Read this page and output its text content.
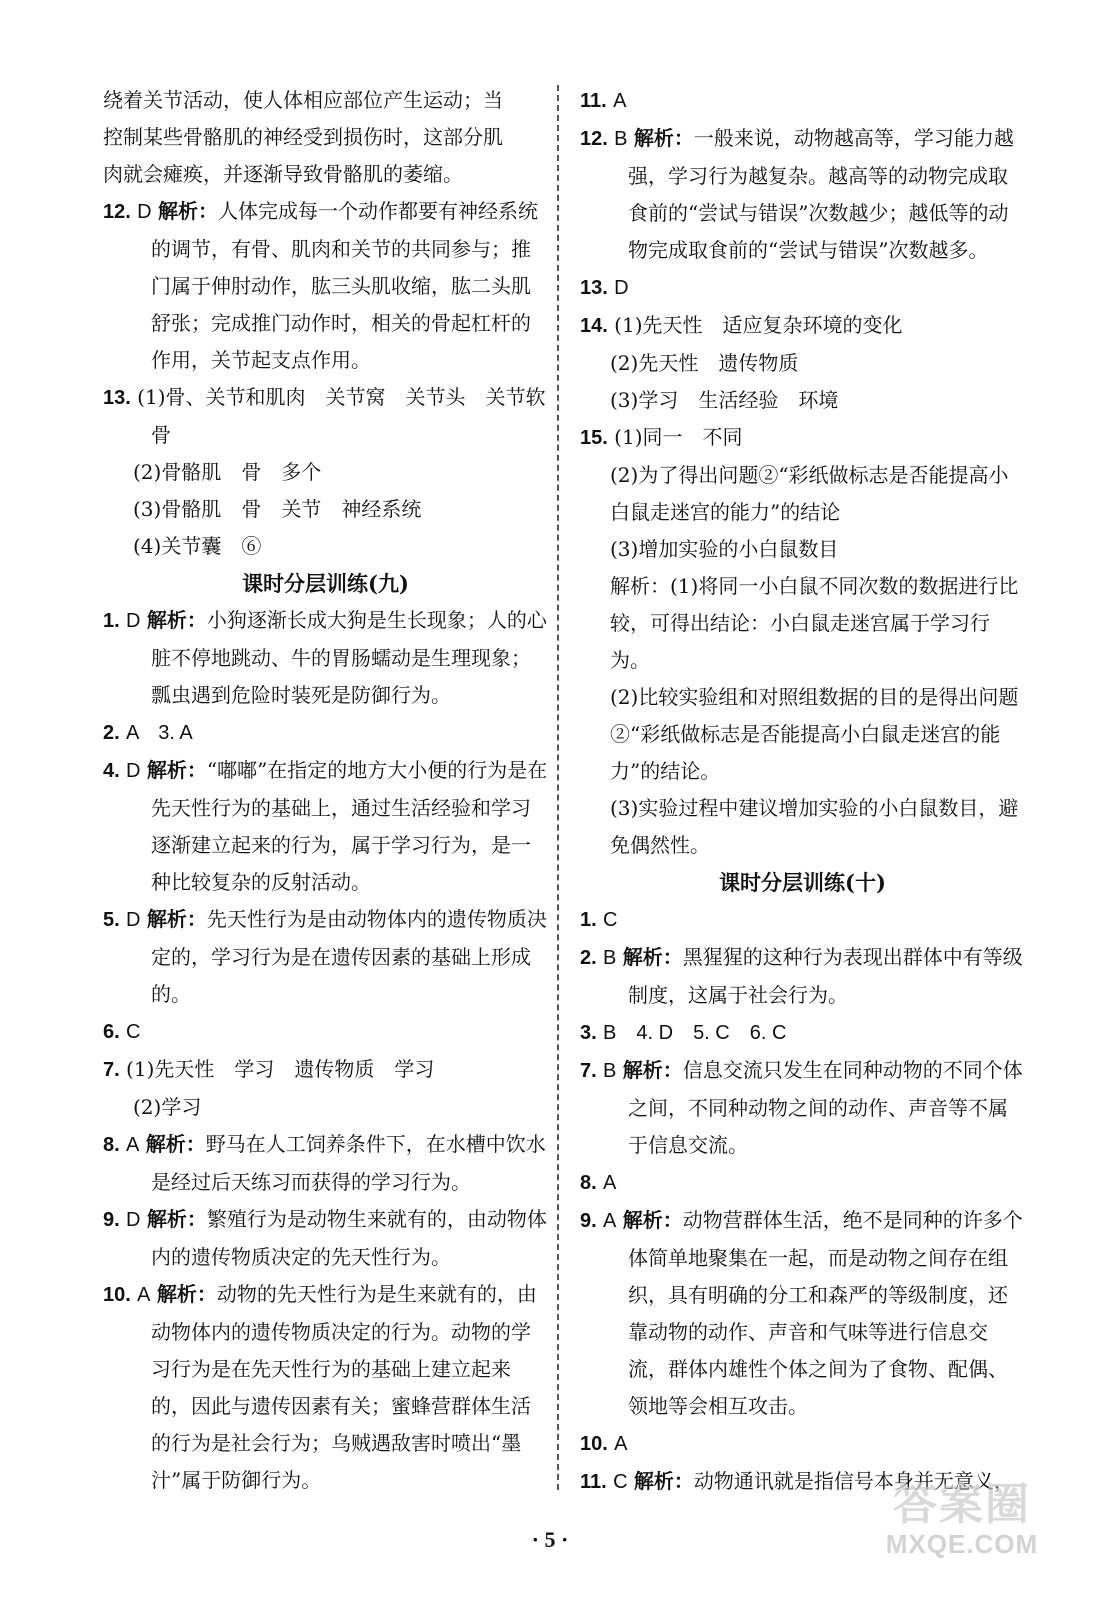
绕着关节活动，使人体相应部位产生运动；当

控制某些骨骼肌的神经受到损伤时，这部分肌

肉就会瘫痪，并逐渐导致骨骼肌的萎缩。

12. D 解析：人体完成每一个动作都要有神经系统的调节，有骨、肌肉和关节的共同参与；推门属于伸肘动作，肱三头肌收缩，肱二头肌舒张；完成推门动作时，相关的骨起杠杆的作用，关节起支点作用。

13. (1)骨、关节和肌肉　关节窝　关节头　关节软骨

(2)骨骼肌　骨　多个

(3)骨骼肌　骨　关节　神经系统

(4)关节囊　⑥

课时分层训练(九)

1. D 解析：小狗逐渐长成大狗是生长现象；人的心脏不停地跳动、牛的胃肠蠕动是生理现象；瓢虫遇到危险时装死是防御行为。

2. A　3. A

4. D 解析：“嘟嘟”在指定的地方大小便的行为是在先天性行为的基础上，通过生活经验和学习逐渐建立起来的行为，属于学习行为，是一种比较复杂的反射活动。

5. D 解析：先天性行为是由动物体内的遗传物质决定的，学习行为是在遗传因素的基础上形成的。

6. C

7. (1)先天性　学习　遗传物质　学习

(2)学习

8. A 解析：野马在人工饲养条件下，在水槽中饮水是经过后天练习而获得的学习行为。

9. D 解析：繁殖行为是动物生来就有的，由动物体内的遗传物质决定的先天性行为。

10. A 解析：动物的先天性行为是生来就有的，由动物体内的遗传物质决定的行为。动物的学习行为是在先天性行为的基础上建立起来的，因此与遗传因素有关；蜜蜂营群体生活的行为是社会行为；乌贼遇敌害时喷出“墨汁”属于防御行为。

11. A

12. B 解析：一般来说，动物越高等，学习能力越强，学习行为越复杂。越高等的动物完成取食前的“尝试与错误”次数越少；越低等的动物完成取食前的“尝试与错误”次数越多。

13. D

14. (1)先天性　适应复杂环境的变化

(2)先天性　遗传物质

(3)学习　生活经验　环境

15. (1)同一　不同

(2)为了得出问题②“彩纸做标志是否能提高小白鼠走迷宫的能力”的结论

(3)增加实验的小白鼠数目

解析：(1)将同一小白鼠不同次数的数据进行比较，可得出结论：小白鼠走迷宫属于学习行为。

(2)比较实验组和对照组数据的目的是得出问题②“彩纸做标志是否能提高小白鼠走迷宫的能力”的结论。

(3)实验过程中建议增加实验的小白鼠数目，避免偶然性。

课时分层训练(十)

1. C

2. B 解析：黑猩猩的这种行为表现出群体中有等级制度，这属于社会行为。

3. B　4. D　5. C　6. C

7. B 解析：信息交流只发生在同种动物的不同个体之间，不同种动物之间的动作、声音等不属于信息交流。

8. A

9. A 解析：动物营群体生活，绝不是同种的许多个体简单地聚集在一起，而是动物之间存在组织，具有明确的分工和森严的等级制度，还靠动物的动作、声音和气味等进行信息交流，群体内雄性个体之间为了食物、配偶、领地等会相互攻击。

10. A

11. C 解析：动物通讯就是指信号本身并无意义，

· 5 ·
答案圈
MXQE.COM
